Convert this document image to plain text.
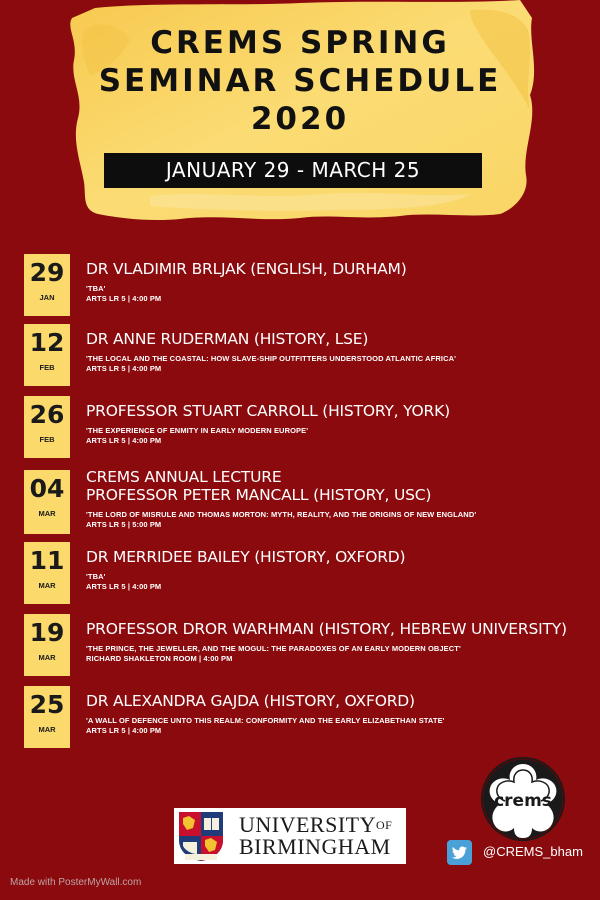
CREMS SPRING
SEMINAR SCHEDULE
2020
JANUARY 29 - MARCH 25
29
JAN
DR VLADIMIR BRLJAK (ENGLISH, DURHAM)
'TBA'
ARTS LR 5 | 4:00 PM
12
FEB
DR ANNE RUDERMAN (HISTORY, LSE)
'THE LOCAL AND THE COASTAL: HOW SLAVE-SHIP OUTFITTERS UNDERSTOOD ATLANTIC AFRICA'
ARTS LR 5 | 4:00 PM
26
FEB
PROFESSOR STUART CARROLL (HISTORY, YORK)
'THE EXPERIENCE OF ENMITY IN EARLY MODERN EUROPE'
ARTS LR 5 | 4:00 PM
04
MAR
CREMS ANNUAL LECTURE
PROFESSOR PETER MANCALL (HISTORY, USC)
'THE LORD OF MISRULE AND THOMAS MORTON: MYTH, REALITY, AND THE ORIGINS OF NEW ENGLAND'
ARTS LR 5 | 5:00 PM
11
MAR
DR MERRIDEE BAILEY (HISTORY, OXFORD)
'TBA'
ARTS LR 5 | 4:00 PM
19
MAR
PROFESSOR DROR WARHMAN (HISTORY, HEBREW UNIVERSITY)
'THE PRINCE, THE JEWELLER, AND THE MOGUL: THE PARADOXES OF AN EARLY MODERN OBJECT'
RICHARD SHAKLETON ROOM | 4:00 PM
25
MAR
DR ALEXANDRA GAJDA (HISTORY, OXFORD)
'A WALL OF DEFENCE UNTO THIS REALM: CONFORMITY AND THE EARLY ELIZABETHAN STATE'
ARTS LR 5 | 4:00 PM
crems
$UNIVERSITY^{OF}$
BIRMINGHAM	@CREMS_bham
Made with PosterMyWall.com
